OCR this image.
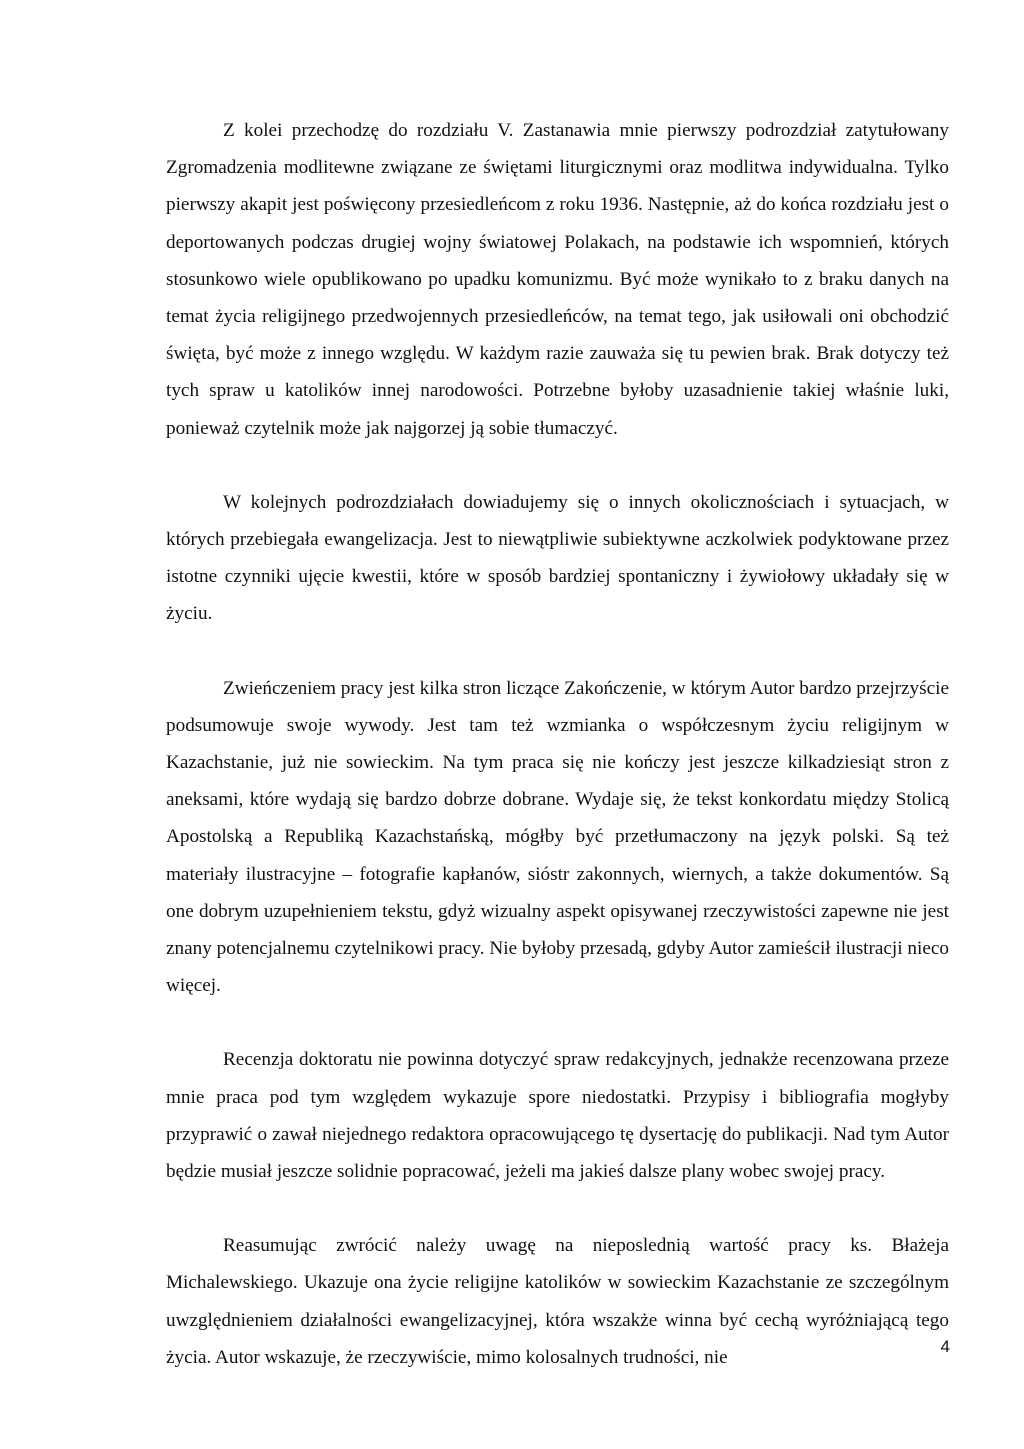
Z kolei przechodzę do rozdziału V. Zastanawia mnie pierwszy podrozdział zatytułowany Zgromadzenia modlitewne związane ze świętami liturgicznymi oraz modlitwa indywidualna. Tylko pierwszy akapit jest poświęcony przesiedleńcom z roku 1936. Następnie, aż do końca rozdziału jest o deportowanych podczas drugiej wojny światowej Polakach, na podstawie ich wspomnień, których stosunkowo wiele opublikowano po upadku komunizmu. Być może wynikało to z braku danych na temat życia religijnego przedwojennych przesiedleńców, na temat tego, jak usiłowali oni obchodzić święta, być może z innego względu. W każdym razie zauważa się tu pewien brak. Brak dotyczy też tych spraw u katolików innej narodowości. Potrzebne byłoby uzasadnienie takiej właśnie luki, ponieważ czytelnik może jak najgorzej ją sobie tłumaczyć.

W kolejnych podrozdziałach dowiadujemy się o innych okolicznościach i sytuacjach, w których przebiegała ewangelizacja. Jest to niewątpliwie subiektywne aczkolwiek podyktowane przez istotne czynniki ujęcie kwestii, które w sposób bardziej spontaniczny i żywiołowy układały się w życiu.

Zwieńczeniem pracy jest kilka stron liczące Zakończenie, w którym Autor bardzo przejrzyście podsumowuje swoje wywody. Jest tam też wzmianka o współczesnym życiu religijnym w Kazachstanie, już nie sowieckim. Na tym praca się nie kończy jest jeszcze kilkadziesiąt stron z aneksami, które wydają się bardzo dobrze dobrane. Wydaje się, że tekst konkordatu między Stolicą Apostolską a Republiką Kazachstańską, mógłby być przetłumaczony na język polski. Są też materiały ilustracyjne – fotografie kapłanów, sióstr zakonnych, wiernych, a także dokumentów. Są one dobrym uzupełnieniem tekstu, gdyż wizualny aspekt opisywanej rzeczywistości zapewne nie jest znany potencjalnemu czytelnikowi pracy. Nie byłoby przesadą, gdyby Autor zamieścił ilustracji nieco więcej.

Recenzja doktoratu nie powinna dotyczyć spraw redakcyjnych, jednakże recenzowana przeze mnie praca pod tym względem wykazuje spore niedostatki. Przypisy i bibliografia mogłyby przyprawić o zawał niejednego redaktora opracowującego tę dysertację do publikacji. Nad tym Autor będzie musiał jeszcze solidnie popracować, jeżeli ma jakieś dalsze plany wobec swojej pracy.

Reasumując zwrócić należy uwagę na nieposlednią wartość pracy ks. Błażeja Michalewskiego. Ukazuje ona życie religijne katolików w sowieckim Kazachstanie ze szczególnym uwzględnieniem działalności ewangelizacyjnej, która wszakże winna być cechą wyróżniającą tego życia. Autor wskazuje, że rzeczywiście, mimo kolosalnych trudności, nie

4
